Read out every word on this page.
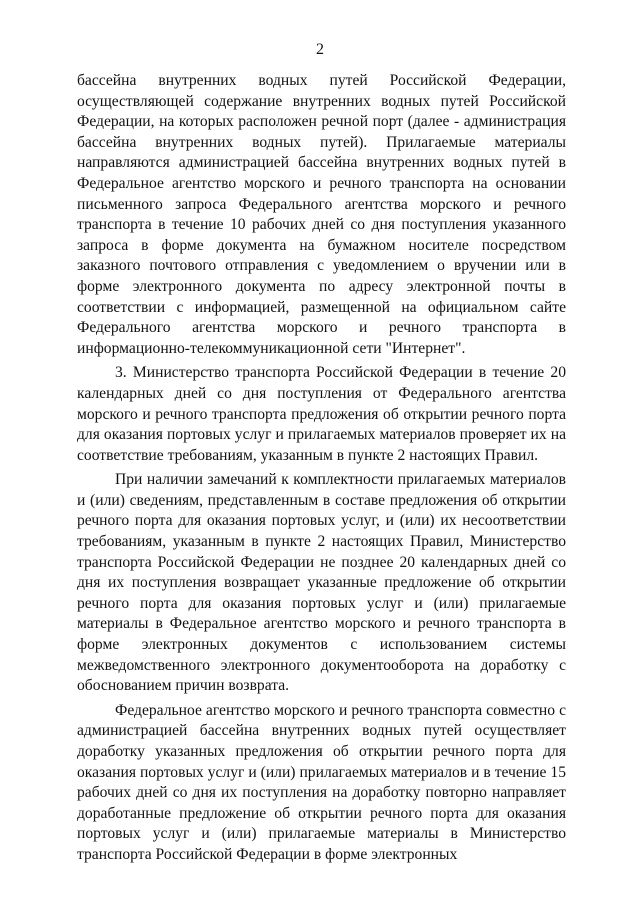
2

бассейна внутренних водных путей Российской Федерации, осуществляющей содержание внутренних водных путей Российской Федерации, на которых расположен речной порт (далее - администрация бассейна внутренних водных путей). Прилагаемые материалы направляются администрацией бассейна внутренних водных путей в Федеральное агентство морского и речного транспорта на основании письменного запроса Федерального агентства морского и речного транспорта в течение 10 рабочих дней со дня поступления указанного запроса в форме документа на бумажном носителе посредством заказного почтового отправления с уведомлением о вручении или в форме электронного документа по адресу электронной почты в соответствии с информацией, размещенной на официальном сайте Федерального агентства морского и речного транспорта в информационно-телекоммуникационной сети "Интернет".

3. Министерство транспорта Российской Федерации в течение 20 календарных дней со дня поступления от Федерального агентства морского и речного транспорта предложения об открытии речного порта для оказания портовых услуг и прилагаемых материалов проверяет их на соответствие требованиям, указанным в пункте 2 настоящих Правил.

При наличии замечаний к комплектности прилагаемых материалов и (или) сведениям, представленным в составе предложения об открытии речного порта для оказания портовых услуг, и (или) их несоответствии требованиям, указанным в пункте 2 настоящих Правил, Министерство транспорта Российской Федерации не позднее 20 календарных дней со дня их поступления возвращает указанные предложение об открытии речного порта для оказания портовых услуг и (или) прилагаемые материалы в Федеральное агентство морского и речного транспорта в форме электронных документов с использованием системы межведомственного электронного документооборота на доработку с обоснованием причин возврата.

Федеральное агентство морского и речного транспорта совместно с администрацией бассейна внутренних водных путей осуществляет доработку указанных предложения об открытии речного порта для оказания портовых услуг и (или) прилагаемых материалов и в течение 15 рабочих дней со дня их поступления на доработку повторно направляет доработанные предложение об открытии речного порта для оказания портовых услуг и (или) прилагаемые материалы в Министерство транспорта Российской Федерации в форме электронных
